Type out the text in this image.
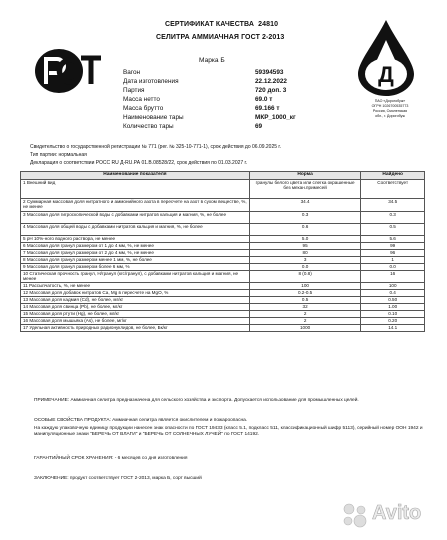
СЕРТИФИКАТ КАЧЕСТВА 24810
СЕЛИТРА АММИАЧНАЯ ГОСТ 2-2013
Марка Б
Д
ПАО «Дорогобуж»
ОГРН 1026700535773
Россия, Смоленская
обл., г. Дорогобуж
Вагон	59394593
Дата изготовления	22.12.2022
Партия	720 доп. 3
Масса нетто	69.0 т
Масса брутто	69.166 т
Наименование тары	МКР_1000_кг
Количество тары	69
Свидетельство о государственной регистрации № 771 (рег. № 325-10-771-1), срок действия до 06.09.2025 г.
Тип партии: нормальная
Декларация о соответствии РОСС RU Д-RU.РА 01.В.08528/22, срок действия по 01.03.2027 г.
Наименование показателя	Норма	Найдено
1 Внешний вид	гранулы белого цвета или слегка окрашенные без механ.примесей	Соответствует
2 Суммарная массовая доля нитратного и аммонийного азота в пересчете на азот в сухом веществе, %, не менее	34.4	34.5
3 Массовая доля гигроскопической воды с добавками нитратов кальция и магния, %, не более	0.3	0.3
4 Массовая доля общей воды с добавками нитратов кальция и магния, %, не более	0.6	0.5
5 pH 10%-ного водного раствора, не менее	5.0	5.6
6 Массовая доля гранул размером от 1 до 4 мм, %, не менее	95	99
7 Массовая доля гранул размером от 2 до 4 мм, %, не менее	80	96
8 Массовая доля гранул размером менее 1 мм, %, не более	3	1
9 Массовая доля гранул размером более 6 мм, %	0.0	0.0
10 Статическая прочность гранул, Н/гранул (кгс/гранул), с добавками нитратов кальция и магния, не менее	8 (0.8)	16
11 Рассыпчатость, %, не менее	100	100
12 Массовая доля добавок нитратов Са, Mg в пересчете на MgO, %	0.2-0.5	0.4
13 Массовая доля кадмия (Cd), не более, мг/кг	0.5	0.50
14 Массовая доля свинца (Pb), не более, мг/кг	32	1.00
15 Массовая доля ртути (Hg), не более, мг/кг	2	0.10
16 Массовая доля мышьяка (As), не более, мг/кг	2	0.20
17 Удельная активность природных радионуклидов, не более, Бк/кг	1000	14.1
ПРИМЕЧАНИЕ: Аммиачная селитра предназначена для сельского хозяйства и экспорта. Допускается использование для промышленных целей.
ОСОБЫЕ СВОЙСТВА ПРОДУКТА: Аммиачная селитра является окислителем и пожароопасна.
На каждую упаковочную единицу продукции нанесен знак опасности по ГОСТ 19433 (класс 5.1, подкласс 511, классификационный шифр 5113), серийный номер ООН 1942 и манипуляционные знаки "БЕРЕЧЬ ОТ ВЛАГИ" и "БЕРЕЧЬ ОТ СОЛНЕЧНЫХ ЛУЧЕЙ" по ГОСТ 14192.
ГАРАНТИЙНЫЙ СРОК ХРАНЕНИЯ: - 6 месяцев со дня изготовления
ЗАКЛЮЧЕНИЕ: продукт соответствует ГОСТ 2-2013, марка Б, сорт высший
Avito
